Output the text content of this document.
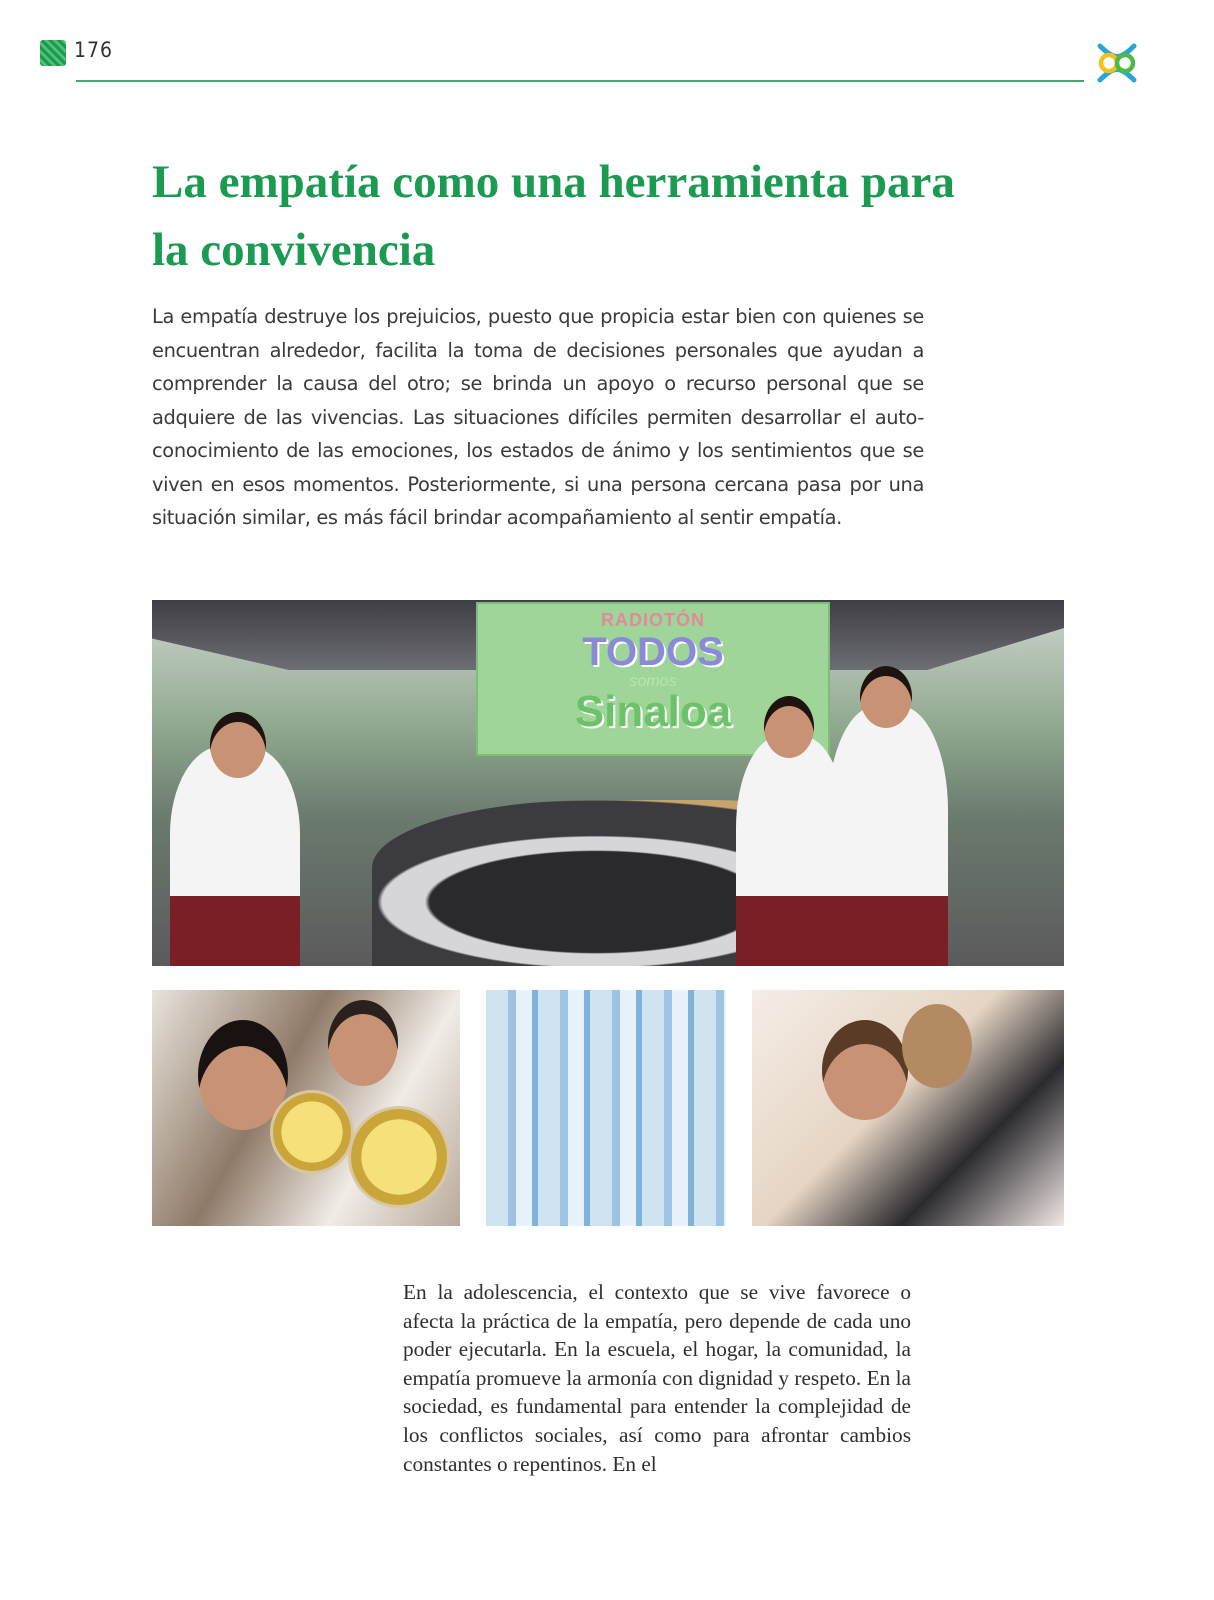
176
La empatía como una herramienta para la convivencia

La empatía destruye los prejuicios, puesto que propicia estar bien con quienes se encuentran alrededor, facilita la toma de decisiones personales que ayudan a comprender la causa del otro; se brinda un apoyo o recurso personal que se adquiere de las vivencias. Las situaciones difíciles permiten desarrollar el auto-conocimiento de las emociones, los estados de ánimo y los sentimientos que se viven en esos momentos. Posteriormente, si una persona cercana pasa por una situación similar, es más fácil brindar acompañamiento al sentir empatía.

RADIOTÓN
TODOS
somos
Sinaloa

En la adolescencia, el contexto que se vive favorece o afecta la práctica de la empatía, pero depende de cada uno poder ejecutarla. En la escuela, el hogar, la comunidad, la empatía promueve la armonía con dignidad y respeto. En la sociedad, es fundamental para entender la complejidad de los conflictos sociales, así como para afrontar cambios constantes o repentinos. En el
